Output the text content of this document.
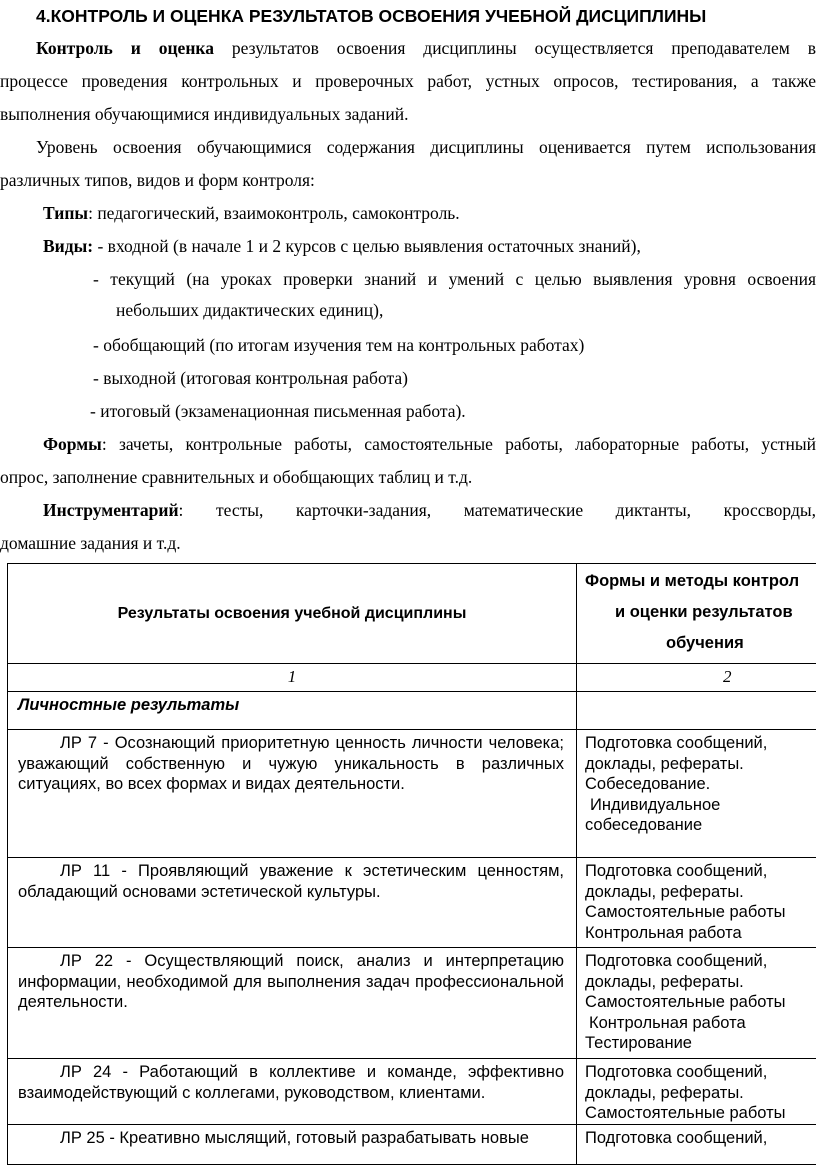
4.КОНТРОЛЬ И ОЦЕНКА РЕЗУЛЬТАТОВ ОСВОЕНИЯ УЧЕБНОЙ ДИСЦИПЛИНЫ
Контроль и оценка результатов освоения дисциплины осуществляется преподавателем в
процессе проведения контрольных и проверочных работ, устных опросов, тестирования, а также
выполнения обучающимися индивидуальных заданий.
Уровень освоения обучающимися содержания дисциплины оценивается путем использования
различных типов, видов и форм контроля:
Типы: педагогический, взаимоконтроль, самоконтроль.
Виды: - входной (в начале 1 и 2 курсов с целью выявления остаточных знаний),
- текущий (на уроках проверки знаний и умений с целью выявления уровня освоения
небольших дидактических единиц),
- обобщающий (по итогам изучения тем на контрольных работах)
- выходной (итоговая контрольная работа)
- итоговый (экзаменационная письменная работа).
Формы: зачеты, контрольные работы, самостоятельные работы, лабораторные работы, устный
опрос, заполнение сравнительных и обобщающих таблиц и т.д.
Инструментарий: тесты, карточки-задания, математические диктанты, кроссворды,
домашние задания и т.д.
Результаты освоения учебной дисциплины	Формы и методы контрол
и оценки результатов
обучения

1	2
Личностные результаты	
ЛР 7 - Осознающий приоритетную ценность личности человека; уважающий собственную и чужую уникальность в различных ситуациях, во всех формах и видах деятельности.	Подготовка сообщений,
доклады, рефераты.
Собеседование.
Индивидуальное
собеседование

ЛР 11 - Проявляющий уважение к эстетическим ценностям, обладающий основами эстетической культуры.	Подготовка сообщений,
доклады, рефераты.
Самостоятельные работы
Контрольная работа

ЛР 22 - Осуществляющий поиск, анализ и интерпретацию информации, необходимой для выполнения задач профессиональной деятельности.	Подготовка сообщений,
доклады, рефераты.
Самостоятельные работы
Контрольная работа
Тестирование

ЛР 24 - Работающий в коллективе и команде, эффективно взаимодействующий с коллегами, руководством, клиентами.	Подготовка сообщений,
доклады, рефераты.
Самостоятельные работы

ЛР 25 - Креативно мыслящий, готовый разрабатывать новые	Подготовка сообщений,
